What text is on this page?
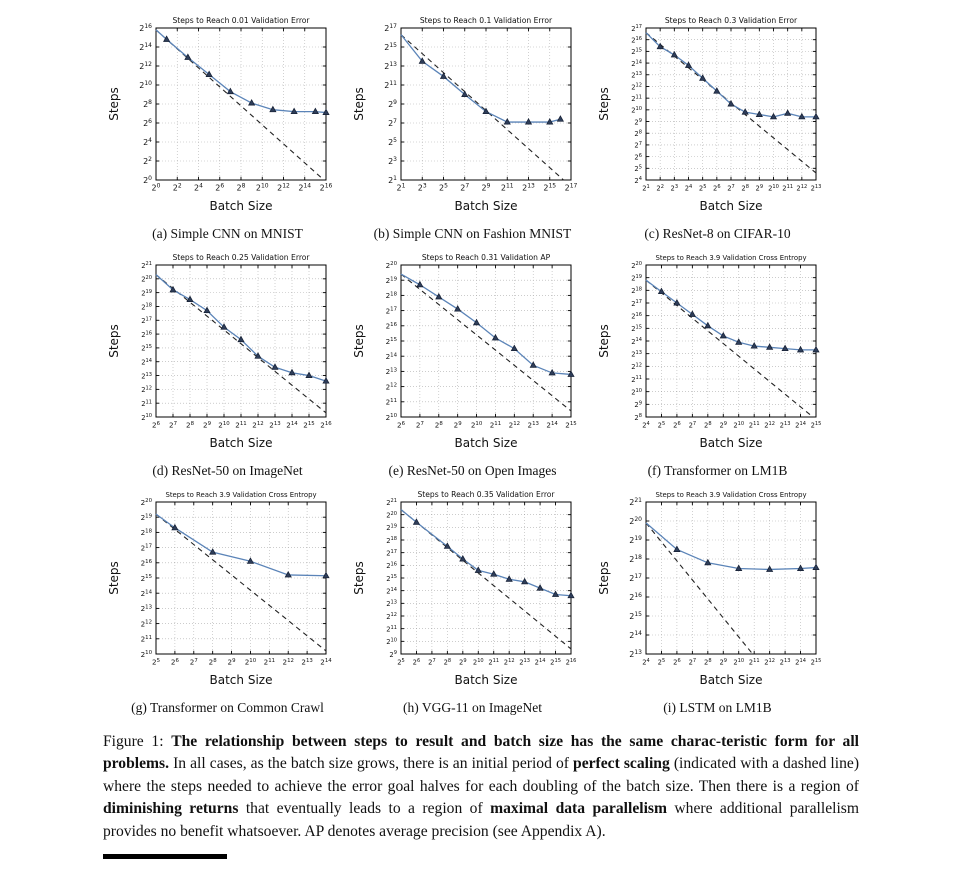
$2^0$ $2^2$ $2^4$ $2^6$ $2^8$ $2^{10}$ $2^{12}$ $2^{14}$ $2^{16}$
$2^0$
$2^2$
$2^4$
$2^6$
$2^8$
$2^{10}$
$2^{12}$
$2^{14}$
$2^{16}$
Steps to Reach 0.01 Validation Error
Batch Size
Steps
(a) Simple CNN on MNIST
$2^1$ $2^3$ $2^5$ $2^7$ $2^9$ $2^{11}$ $2^{13}$ $2^{15}$ $2^{17}$
$2^1$
$2^3$
$2^5$
$2^7$
$2^9$
$2^{11}$
$2^{13}$
$2^{15}$
$2^{17}$
Steps to Reach 0.1 Validation Error
Batch Size
Steps
(b) Simple CNN on Fashion MNIST
$2^1$ $2^2$ $2^3$ $2^4$ $2^5$ $2^6$ $2^7$ $2^8$ $2^9$ $2^{10}$ $2^{11}$ $2^{12}$ $2^{13}$
$2^4$
$2^5$
$2^6$
$2^7$
$2^8$
$2^9$
$2^{10}$
$2^{11}$
$2^{12}$
$2^{13}$
$2^{14}$
$2^{15}$
$2^{16}$
$2^{17}$
Steps to Reach 0.3 Validation Error
Batch Size
Steps
(c) ResNet-8 on CIFAR-10
$2^6$ $2^7$ $2^8$ $2^9$ $2^{10}$ $2^{11}$ $2^{12}$ $2^{13}$ $2^{14}$ $2^{15}$ $2^{16}$
$2^{10}$
$2^{11}$
$2^{12}$
$2^{13}$
$2^{14}$
$2^{15}$
$2^{16}$
$2^{17}$
$2^{18}$
$2^{19}$
$2^{20}$
$2^{21}$
Steps to Reach 0.25 Validation Error
Batch Size
Steps
(d) ResNet-50 on ImageNet
$2^6$ $2^7$ $2^8$ $2^9$ $2^{10}$ $2^{11}$ $2^{12}$ $2^{13}$ $2^{14}$ $2^{15}$
$2^{10}$
$2^{11}$
$2^{12}$
$2^{13}$
$2^{14}$
$2^{15}$
$2^{16}$
$2^{17}$
$2^{18}$
$2^{19}$
$2^{20}$
Steps to Reach 0.31 Validation AP
Batch Size
Steps
(e) ResNet-50 on Open Images
$2^4$ $2^5$ $2^6$ $2^7$ $2^8$ $2^9$ $2^{10}$ $2^{11}$ $2^{12}$ $2^{13}$ $2^{14}$ $2^{15}$
$2^8$
$2^9$
$2^{10}$
$2^{11}$
$2^{12}$
$2^{13}$
$2^{14}$
$2^{15}$
$2^{16}$
$2^{17}$
$2^{18}$
$2^{19}$
$2^{20}$
Steps to Reach 3.9 Validation Cross Entropy
Batch Size
Steps
(f) Transformer on LM1B
$2^5$ $2^6$ $2^7$ $2^8$ $2^9$ $2^{10}$ $2^{11}$ $2^{12}$ $2^{13}$ $2^{14}$
$2^{10}$
$2^{11}$
$2^{12}$
$2^{13}$
$2^{14}$
$2^{15}$
$2^{16}$
$2^{17}$
$2^{18}$
$2^{19}$
$2^{20}$
Steps to Reach 3.9 Validation Cross Entropy
Batch Size
Steps
(g) Transformer on Common Crawl
$2^5$ $2^6$ $2^7$ $2^8$ $2^9$ $2^{10}$ $2^{11}$ $2^{12}$ $2^{13}$ $2^{14}$ $2^{15}$ $2^{16}$
$2^9$
$2^{10}$
$2^{11}$
$2^{12}$
$2^{13}$
$2^{14}$
$2^{15}$
$2^{16}$
$2^{17}$
$2^{18}$
$2^{19}$
$2^{20}$
$2^{21}$
Steps to Reach 0.35 Validation Error
Batch Size
Steps
(h) VGG-11 on ImageNet
$2^4$ $2^5$ $2^6$ $2^7$ $2^8$ $2^9$ $2^{10}$ $2^{11}$ $2^{12}$ $2^{13}$ $2^{14}$ $2^{15}$
$2^{13}$
$2^{14}$
$2^{15}$
$2^{16}$
$2^{17}$
$2^{18}$
$2^{19}$
$2^{20}$
$2^{21}$
Steps to Reach 3.9 Validation Cross Entropy
Batch Size
Steps
(i) LSTM on LM1B

Figure 1: The relationship between steps to result and batch size has the same charac-teristic form for all problems. In all cases, as the batch size grows, there is an initial period of perfect scaling (indicated with a dashed line) where the steps needed to achieve the error goal halves for each doubling of the batch size. Then there is a region of diminishing returns that eventually leads to a region of maximal data parallelism where additional parallelism provides no benefit whatsoever. AP denotes average precision (see Appendix A).
